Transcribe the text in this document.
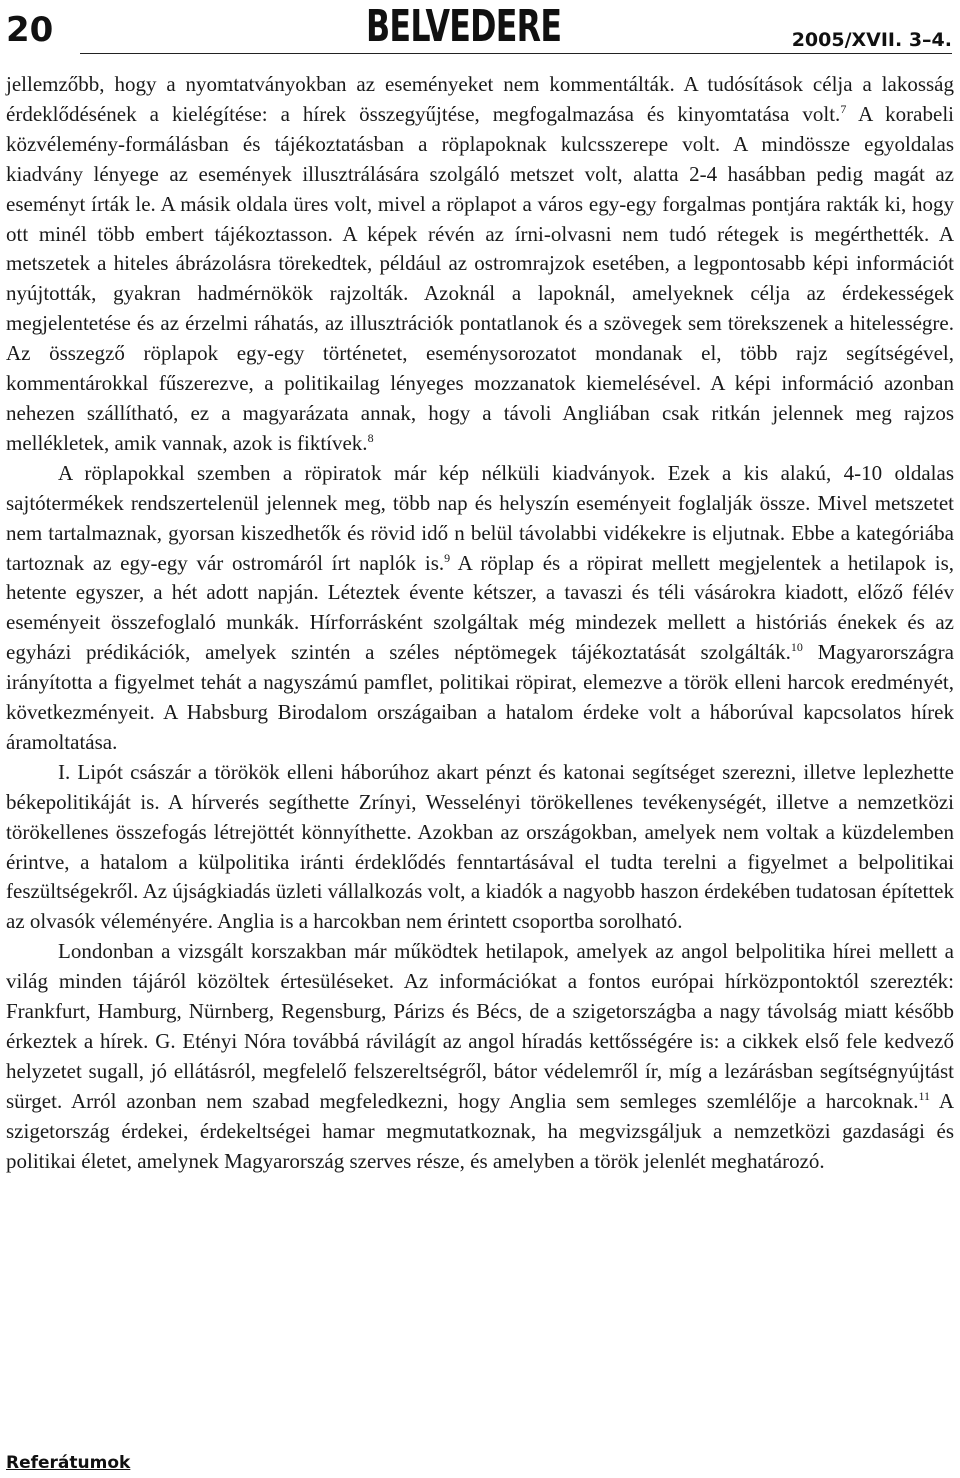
20	BELVEDERE	2005/XVII. 3–4.

jellemzőbb, hogy a nyomtatványokban az eseményeket nem kommentálták. A tudósítások célja a lakosság érdeklődésének a kielégítése: a hírek összegyűjtése, megfogalmazása és kinyomtatása volt.$^7$ A korabeli közvélemény-formálásban és tájékoztatásban a röplapoknak kulcsszerepe volt. A mindössze egyoldalas kiadvány lényege az események illusztrálására szolgáló metszet volt, alatta 2-4 hasábban pedig magát az eseményt írták le. A másik oldala üres volt, mivel a röplapot a város egy-egy forgalmas pontjára rakták ki, hogy ott minél több embert tájékoztasson. A képek révén az írni-olvasni nem tudó rétegek is megérthették. A metszetek a hiteles ábrázolásra törekedtek, például az ostromrajzok esetében, a legpontosabb képi információt nyújtották, gyakran hadmérnökök rajzolták. Azoknál a lapoknál, amelyeknek célja az érdekességek megjelentetése és az érzelmi ráhatás, az illusztrációk pontatlanok és a szövegek sem törekszenek a hitelességre. Az összegző röplapok egy-egy történetet, eseménysorozatot mondanak el, több rajz segítségével, kommentárokkal fűszerezve, a politikailag lényeges mozzanatok kiemelésével. A képi információ azonban nehezen szállítható, ez a magyarázata annak, hogy a távoli Angliában csak ritkán jelennek meg rajzos mellékletek, amik vannak, azok is fiktívek.$^8$

A röplapokkal szemben a röpiratok már kép nélküli kiadványok. Ezek a kis alakú, 4-10 oldalas sajtótermékek rendszertelenül jelennek meg, több nap és helyszín eseményeit foglalják össze. Mivel metszetet nem tartalmaznak, gyorsan kiszedhetők és rövid idő n belül távolabbi vidékekre is eljutnak. Ebbe a kategóriába tartoznak az egy-egy vár ostromáról írt naplók is.$^9$ A röplap és a röpirat mellett megjelentek a hetilapok is, hetente egyszer, a hét adott napján. Léteztek évente kétszer, a tavaszi és téli vásárokra kiadott, előző félév eseményeit összefoglaló munkák. Hírforrásként szolgáltak még mindezek mellett a históriás énekek és az egyházi prédikációk, amelyek szintén a széles néptömegek tájékoztatását szolgálták.$^{10}$ Magyarországra irányította a figyelmet tehát a nagyszámú pamflet, politikai röpirat, elemezve a török elleni harcok eredményét, következményeit. A Habsburg Birodalom országaiban a hatalom érdeke volt a háborúval kapcsolatos hírek áramoltatása.

I. Lipót császár a törökök elleni háborúhoz akart pénzt és katonai segítséget szerezni, illetve leplezhette békepolitikáját is. A hírverés segíthette Zrínyi, Wesselényi törökellenes tevékenységét, illetve a nemzetközi törökellenes összefogás létrejöttét könnyíthette. Azokban az országokban, amelyek nem voltak a küzdelemben érintve, a hatalom a külpolitika iránti érdeklődés fenntartásával el tudta terelni a figyelmet a belpolitikai feszültségekről. Az újságkiadás üzleti vállalkozás volt, a kiadók a nagyobb haszon érdekében tudatosan építettek az olvasók véleményére. Anglia is a harcokban nem érintett csoportba sorolható.

Londonban a vizsgált korszakban már működtek hetilapok, amelyek az angol belpolitika hírei mellett a világ minden tájáról közöltek értesüléseket. Az információkat a fontos európai hírközpontoktól szerezték: Frankfurt, Hamburg, Nürnberg, Regensburg, Párizs és Bécs, de a szigetországba a nagy távolság miatt később érkeztek a hírek. G. Etényi Nóra továbbá rávilágít az angol híradás kettősségére is: a cikkek első fele kedvező helyzetet sugall, jó ellátásról, megfelelő felszereltségről, bátor védelemről ír, míg a lezárásban segítségnyújtást sürget. Arról azonban nem szabad megfeledkezni, hogy Anglia sem semleges szemlélője a harcoknak.$^{11}$ A szigetország érdekei, érdekeltségei hamar megmutatkoznak, ha megvizsgáljuk a nemzetközi gazdasági és politikai életet, amelynek Magyarország szerves része, és amelyben a török jelenlét meghatározó.

Referátumok
